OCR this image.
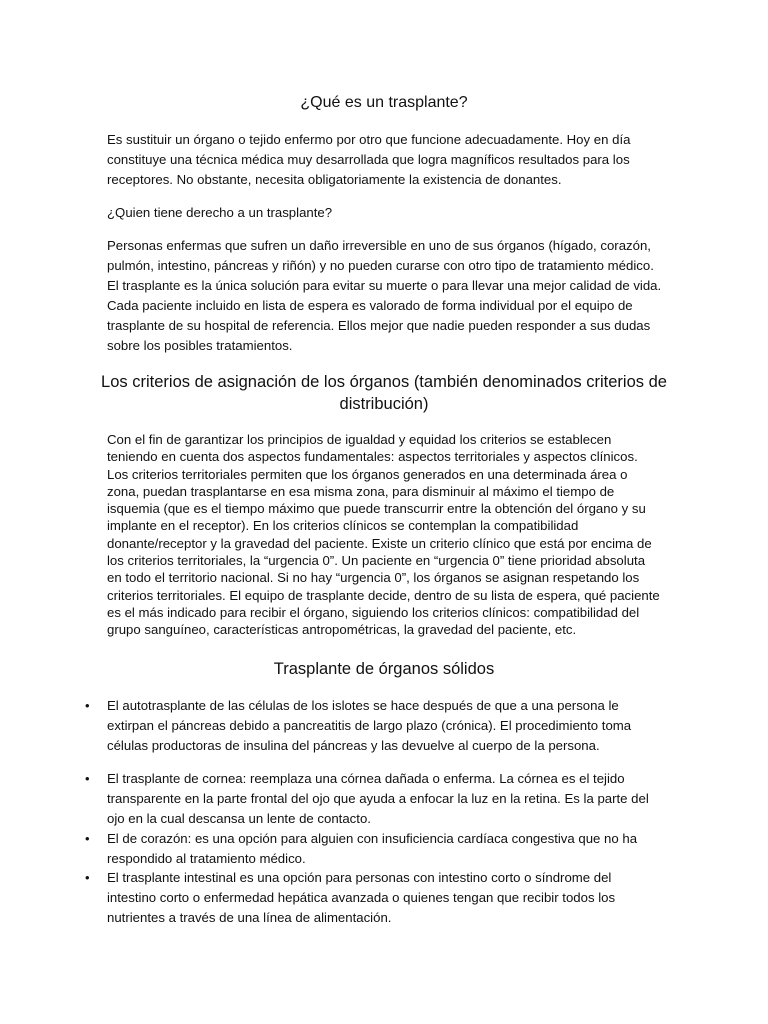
¿Qué es un trasplante?

Es sustituir un órgano o tejido enfermo por otro que funcione adecuadamente. Hoy en día constituye una técnica médica muy desarrollada que logra magníficos resultados para los receptores. No obstante, necesita obligatoriamente la existencia de donantes.

¿Quien tiene derecho a un trasplante?

Personas enfermas que sufren un daño irreversible en uno de sus órganos (hígado, corazón, pulmón, intestino, páncreas y riñón) y no pueden curarse con otro tipo de tratamiento médico. El trasplante es la única solución para evitar su muerte o para llevar una mejor calidad de vida. Cada paciente incluido en lista de espera es valorado de forma individual por el equipo de trasplante de su hospital de referencia. Ellos mejor que nadie pueden responder a sus dudas sobre los posibles tratamientos.

Los criterios de asignación de los órganos (también denominados criterios de distribución)

Con el fin de garantizar los principios de igualdad y equidad los criterios se establecen teniendo en cuenta dos aspectos fundamentales: aspectos territoriales y aspectos clínicos. Los criterios territoriales permiten que los órganos generados en una determinada área o zona, puedan trasplantarse en esa misma zona, para disminuir al máximo el tiempo de isquemia (que es el tiempo máximo que puede transcurrir entre la obtención del órgano y su implante en el receptor). En los criterios clínicos se contemplan la compatibilidad donante/receptor y la gravedad del paciente. Existe un criterio clínico que está por encima de los criterios territoriales, la “urgencia 0”. Un paciente en “urgencia 0” tiene prioridad absoluta en todo el territorio nacional. Si no hay “urgencia 0”, los órganos se asignan respetando los criterios territoriales. El equipo de trasplante decide, dentro de su lista de espera, qué paciente es el más indicado para recibir el órgano, siguiendo los criterios clínicos: compatibilidad del grupo sanguíneo, características antropométricas, la gravedad del paciente, etc.

Trasplante de órganos sólidos
• El autotrasplante de las células de los islotes se hace después de que a una persona le extirpan el páncreas debido a pancreatitis de largo plazo (crónica). El procedimiento toma células productoras de insulina del páncreas y las devuelve al cuerpo de la persona.
• El trasplante de cornea: reemplaza una córnea dañada o enferma. La córnea es el tejido transparente en la parte frontal del ojo que ayuda a enfocar la luz en la retina. Es la parte del ojo en la cual descansa un lente de contacto.
• El de corazón: es una opción para alguien con insuficiencia cardíaca congestiva que no ha respondido al tratamiento médico.
• El trasplante intestinal es una opción para personas con intestino corto o síndrome del intestino corto o enfermedad hepática avanzada o quienes tengan que recibir todos los nutrientes a través de una línea de alimentación.
